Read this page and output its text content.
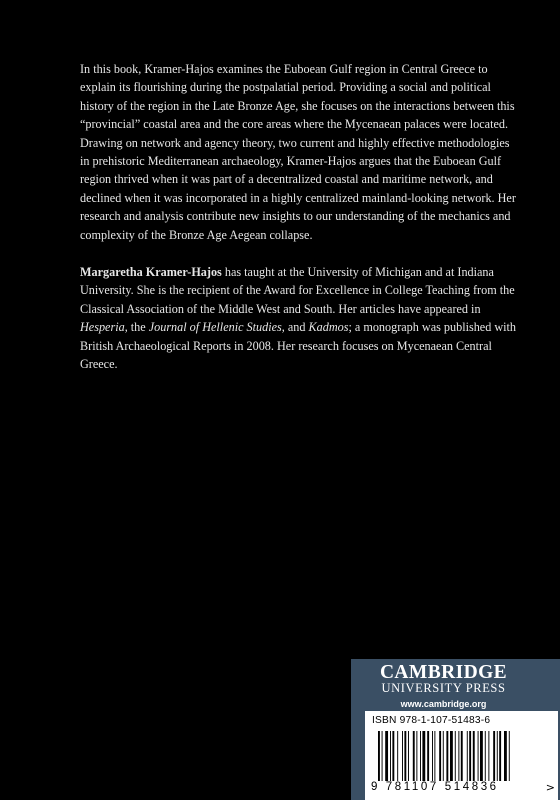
In this book, Kramer-Hajos examines the Euboean Gulf region in Central Greece to explain its flourishing during the postpalatial period. Providing a social and political history of the region in the Late Bronze Age, she focuses on the interactions between this “provincial” coastal area and the core areas where the Mycenaean palaces were located. Drawing on network and agency theory, two current and highly effective methodologies in prehistoric Mediterranean archaeology, Kramer-Hajos argues that the Euboean Gulf region thrived when it was part of a decentralized coastal and maritime network, and declined when it was incorporated in a highly centralized mainland-looking network. Her research and analysis contribute new insights to our understanding of the mechanics and complexity of the Bronze Age Aegean collapse.

Margaretha Kramer-Hajos has taught at the University of Michigan and at Indiana University. She is the recipient of the Award for Excellence in College Teaching from the Classical Association of the Middle West and South. Her articles have appeared in Hesperia, the Journal of Hellenic Studies, and Kadmos; a monograph was published with British Archaeological Reports in 2008. Her research focuses on Mycenaean Central Greece.

CAMBRIDGE
UNIVERSITY PRESS
www.cambridge.org
ISBN 978-1-107-51483-6
9 781107 514836	>
